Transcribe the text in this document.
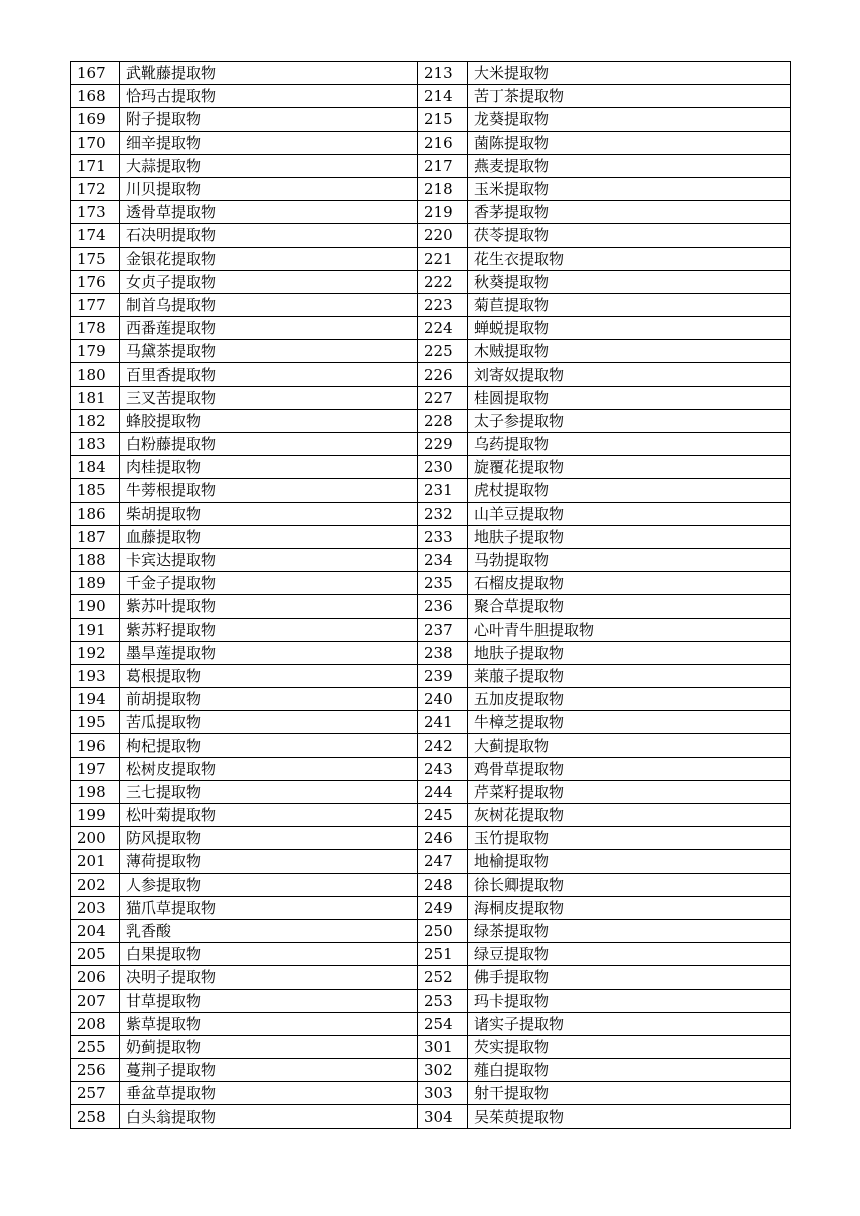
167	武靴藤提取物	213	大米提取物
168	恰玛古提取物	214	苦丁茶提取物
169	附子提取物	215	龙葵提取物
170	细辛提取物	216	菌陈提取物
171	大蒜提取物	217	燕麦提取物
172	川贝提取物	218	玉米提取物
173	透骨草提取物	219	香茅提取物
174	石决明提取物	220	茯苓提取物
175	金银花提取物	221	花生衣提取物
176	女贞子提取物	222	秋葵提取物
177	制首乌提取物	223	菊苣提取物
178	西番莲提取物	224	蝉蜕提取物
179	马黛茶提取物	225	木贼提取物
180	百里香提取物	226	刘寄奴提取物
181	三叉苦提取物	227	桂圆提取物
182	蜂胶提取物	228	太子参提取物
183	白粉藤提取物	229	乌药提取物
184	肉桂提取物	230	旋覆花提取物
185	牛蒡根提取物	231	虎杖提取物
186	柴胡提取物	232	山羊豆提取物
187	血藤提取物	233	地肤子提取物
188	卡宾达提取物	234	马勃提取物
189	千金子提取物	235	石榴皮提取物
190	紫苏叶提取物	236	聚合草提取物
191	紫苏籽提取物	237	心叶青牛胆提取物
192	墨旱莲提取物	238	地肤子提取物
193	葛根提取物	239	莱菔子提取物
194	前胡提取物	240	五加皮提取物
195	苦瓜提取物	241	牛樟芝提取物
196	枸杞提取物	242	大蓟提取物
197	松树皮提取物	243	鸡骨草提取物
198	三七提取物	244	芹菜籽提取物
199	松叶菊提取物	245	灰树花提取物
200	防风提取物	246	玉竹提取物
201	薄荷提取物	247	地榆提取物
202	人参提取物	248	徐长卿提取物
203	猫爪草提取物	249	海桐皮提取物
204	乳香酸	250	绿茶提取物
205	白果提取物	251	绿豆提取物
206	决明子提取物	252	佛手提取物
207	甘草提取物	253	玛卡提取物
208	紫草提取物	254	诸实子提取物
255	奶蓟提取物	301	芡实提取物
256	蔓荆子提取物	302	薤白提取物
257	垂盆草提取物	303	射干提取物
258	白头翁提取物	304	吴茱萸提取物
